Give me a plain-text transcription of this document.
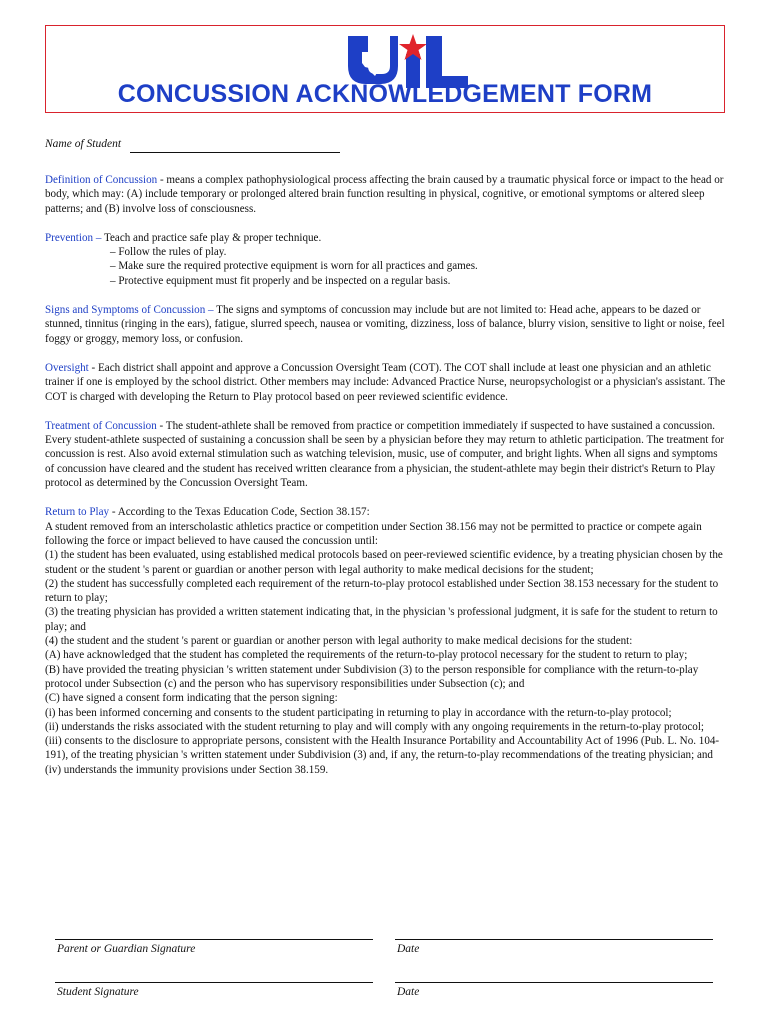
CONCUSSION ACKNOWLEDGEMENT FORM
Name of Student

Definition of Concussion - means a complex pathophysiological process affecting the brain caused by a traumatic physical force or impact to the head or body, which may: (A) include temporary or prolonged altered brain function resulting in physical, cognitive, or emotional symptoms or altered sleep patterns; and (B) involve loss of consciousness.

Prevention – Teach and practice safe play & proper technique.
– Follow the rules of play.
– Make sure the required protective equipment is worn for all practices and games.
– Protective equipment must fit properly and be inspected on a regular basis.

Signs and Symptoms of Concussion – The signs and symptoms of concussion may include but are not limited to: Head ache, appears to be dazed or stunned, tinnitus (ringing in the ears), fatigue, slurred speech, nausea or vomiting, dizziness, loss of balance, blurry vision, sensitive to light or noise, feel foggy or groggy, memory loss, or confusion.

Oversight - Each district shall appoint and approve a Concussion Oversight Team (COT). The COT shall include at least one physician and an athletic trainer if one is employed by the school district. Other members may include: Advanced Practice Nurse, neuropsychologist or a physician's assistant. The COT is charged with developing the Return to Play protocol based on peer reviewed scientific evidence.

Treatment of Concussion - The student-athlete shall be removed from practice or competition immediately if suspected to have sustained a concussion. Every student-athlete suspected of sustaining a concussion shall be seen by a physician before they may return to athletic participation. The treatment for concussion is rest. Also avoid external stimulation such as watching television, music, use of computer, and bright lights. When all signs and symptoms of concussion have cleared and the student has received written clearance from a physician, the student-athlete may begin their district's Return to Play protocol as determined by the Concussion Oversight Team.

Return to Play - According to the Texas Education Code, Section 38.157:
A student removed from an interscholastic athletics practice or competition under Section 38.156 may not be permitted to practice or compete again following the force or impact believed to have caused the concussion until:
(1) the student has been evaluated, using established medical protocols based on peer-reviewed scientific evidence, by a treating physician chosen by the student or the student 's parent or guardian or another person with legal authority to make medical decisions for the student;
(2) the student has successfully completed each requirement of the return-to-play protocol established under Section 38.153 necessary for the student to return to play;
(3) the treating physician has provided a written statement indicating that, in the physician 's professional judgment, it is safe for the student to return to play; and
(4) the student and the student 's parent or guardian or another person with legal authority to make medical decisions for the student:
(A) have acknowledged that the student has completed the requirements of the return-to-play protocol necessary for the student to return to play;
(B) have provided the treating physician 's written statement under Subdivision (3) to the person responsible for compliance with the return-to-play protocol under Subsection (c) and the person who has supervisory responsibilities under Subsection (c); and
(C) have signed a consent form indicating that the person signing:
(i) has been informed concerning and consents to the student participating in returning to play in accordance with the return-to-play protocol;
(ii) understands the risks associated with the student returning to play and will comply with any ongoing requirements in the return-to-play protocol;
(iii) consents to the disclosure to appropriate persons, consistent with the Health Insurance Portability and Accountability Act of 1996 (Pub. L. No. 104-191), of the treating physician 's written statement under Subdivision (3) and, if any, the return-to-play recommendations of the treating physician; and
(iv) understands the immunity provisions under Section 38.159.
Parent or Guardian Signature	Date
Student Signature	Date
